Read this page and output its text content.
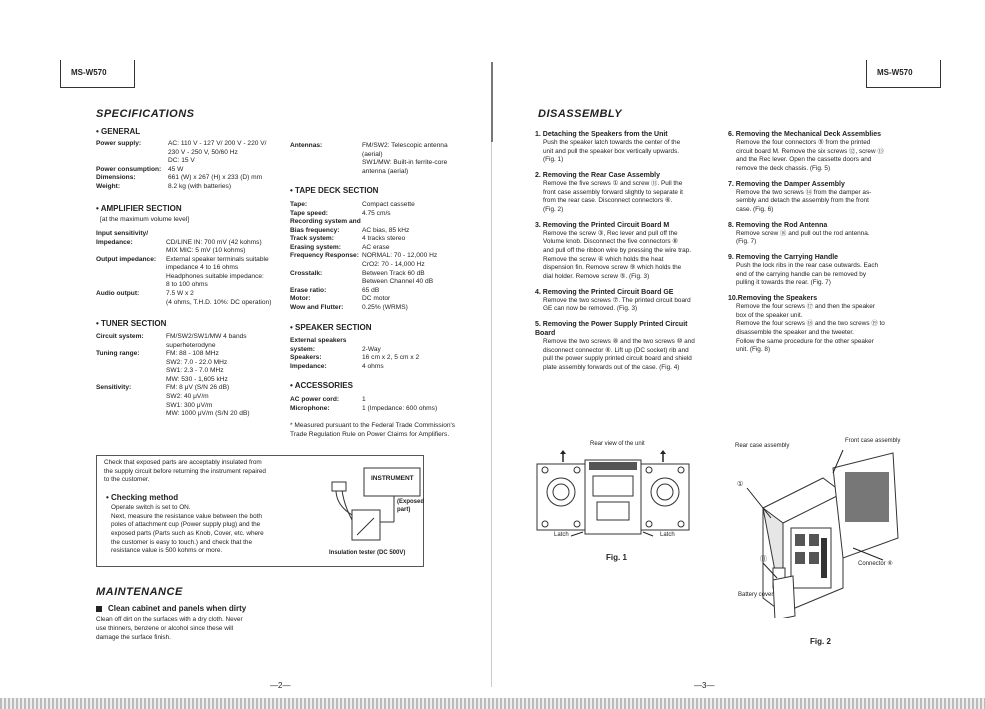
MS-W570	MS-W570
SPECIFICATIONS
• GENERAL
Power supply:	AC: 110 V - 127 V/ 200 V - 220 V/
230 V - 250 V, 50/60 Hz
DC: 15 V
Power consumption:	45 W
Dimensions:	661 (W) x 267 (H) x 233 (D) mm
Weight:	8.2 kg (with batteries)
• AMPLIFIER SECTION
[at the maximum volume level]
Input sensitivity/
Impedance:	
CD/LINE IN: 700 mV (42 kohms)
MIX MIC: 5 mV (10 kohms)
Output impedance:	External speaker terminals suitable
impedance 4 to 16 ohms
Headphones suitable impedance:
8 to 100 ohms
Audio output:	7.5 W x 2
(4 ohms, T.H.D. 10%: DC operation)
• TUNER SECTION
Circuit system:	FM/SW2/SW1/MW 4 bands
superheterodyne
Tuning range:	FM: 88 - 108 MHz
SW2: 7.0 - 22.0 MHz
SW1: 2.3 - 7.0 MHz
MW: 530 - 1,605 kHz
Sensitivity:	FM: 8 μV (S/N 26 dB)
SW2: 40 μV/m
SW1: 300 μV/m
MW: 1000 μV/m (S/N 20 dB)
Antennas:	FM/SW2: Telescopic antenna
(aerial)
SW1/MW: Built-in ferrite-core
antenna (aerial)
• TAPE DECK SECTION
Tape:	Compact cassette
Tape speed:	4.75 cm/s
Recording system and
Bias frequency:	AC bias, 85 kHz
Track system:	4 tracks stereo
Erasing system:	AC erase
Frequency Response: NORMAL: 70 - 12,000 Hz
CrO2: 70 - 14,000 Hz
Crosstalk:	Between Track 60 dB
Between Channel 40 dB
Erase ratio:	65 dB
Motor:	DC motor
Wow and Flutter:	0.25% (WRMS)
• SPEAKER SECTION
External speakers
system:	
2-Way
Speakers:	16 cm x 2, 5 cm x 2
Impedance:	4 ohms
• ACCESSORIES
AC power cord:	1
Microphone:	1 (Impedance: 600 ohms)
* Measured pursuant to the Federal Trade Commission's
Trade Regulation Rule on Power Claims for Amplifiers.
Check that exposed parts are acceptably insulated from
the supply circuit before returning the instrument repaired
to the customer.
• Checking method
Operate switch is set to ON.
Next, measure the resistance value between the both
poles of attachment cup (Power supply plug) and the
exposed parts (Parts such as Knob, Cover, etc. where
the customer is easy to touch.) and check that the
resistance value is 500 kohms or more.
INSTRUMENT
(Exposed part)
Insulation tester (DC 500V)
MAINTENANCE
Clean cabinet and panels when dirty
Clean off dirt on the surfaces with a dry cloth. Never
use thinners, benzene or alcohol since these will
damage the surface finish.
—2—	—3—
DISASSEMBLY
1. Detaching the Speakers from the Unit
Push the speaker latch towards the center of the
unit and pull the speaker box vertically upwards.
(Fig. 1)
2. Removing the Rear Case Assembly
Remove the five screws ① and screw ⑪. Pull the
front case assembly forward slightly to separate it
from the rear case. Disconnect connectors ⑥.
(Fig. 2)
3. Removing the Printed Circuit Board M
Remove the screw ③, Rec lever and pull off the
Volume knob. Disconnect the five connectors ⑧
and pull off the ribbon wire by pressing the wire trap.
Remove the screw ④ which holds the heat
dispension fin. Remove screw ⑨ which holds the
dial holder. Remove screw ⑤. (Fig. 3)
4. Removing the Printed Circuit Board GE
Remove the two screws ⑦. The printed circuit board
GE can now be removed. (Fig. 3)
5. Removing the Power Supply Printed Circuit
Board
Remove the two screws ⑧ and the two screws ⑩ and
disconnect connector ⑥. Lift up (DC socket) rib and
pull the power supply printed circuit board and shield
plate assembly forwards out of the case. (Fig. 4)
6. Removing the Mechanical Deck Assemblies
Remove the four connectors ⑤ from the printed
circuit board M. Remove the six screws ⑫, screw ⑬
and the Rec lever. Open the cassette doors and
remove the deck chassis. (Fig. 5)
7. Removing the Damper Assembly
Remove the two screws ⑭ from the damper as-
sembly and detach the assembly from the front
case. (Fig. 6)
8. Removing the Rod Antenna
Remove screw ⑯ and pull out the rod antenna.
(Fig. 7)
9. Removing the Carrying Handle
Push the lock ribs in the rear case outwards. Each
end of the carrying handle can be removed by
pulling it towards the rear. (Fig. 7)
10.Removing the Speakers
Remove the four screws ⑰ and then the speaker
box of the speaker unit.
Remove the four screws ⑱ and the two screws ⑲ to
disassemble the speaker and the tweeter.
Follow the same procedure for the other speaker
unit. (Fig. 8)
Rear view of the unit
Latch	Latch
Fig. 1
Rear case assembly
Front case assembly
①
⑪
Connector ⑥
Battery cover
Fig. 2
